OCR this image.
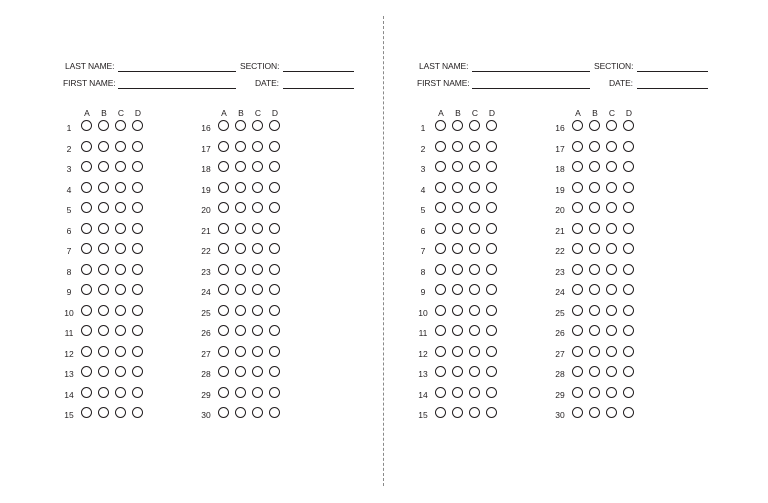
LAST NAME:	SECTION:
FIRST NAME:	DATE:
A	B	C	D
1
2
3
4
5
6
7
8
9
10
11
12
13
14
15
A	B	C	D
16
17
18
19
20
21
22
23
24
25
26
27
28
29
30
LAST NAME:	SECTION:
FIRST NAME:	DATE:
A	B	C	D
1
2
3
4
5
6
7
8
9
10
11
12
13
14
15
A	B	C	D
16
17
18
19
20
21
22
23
24
25
26
27
28
29
30
